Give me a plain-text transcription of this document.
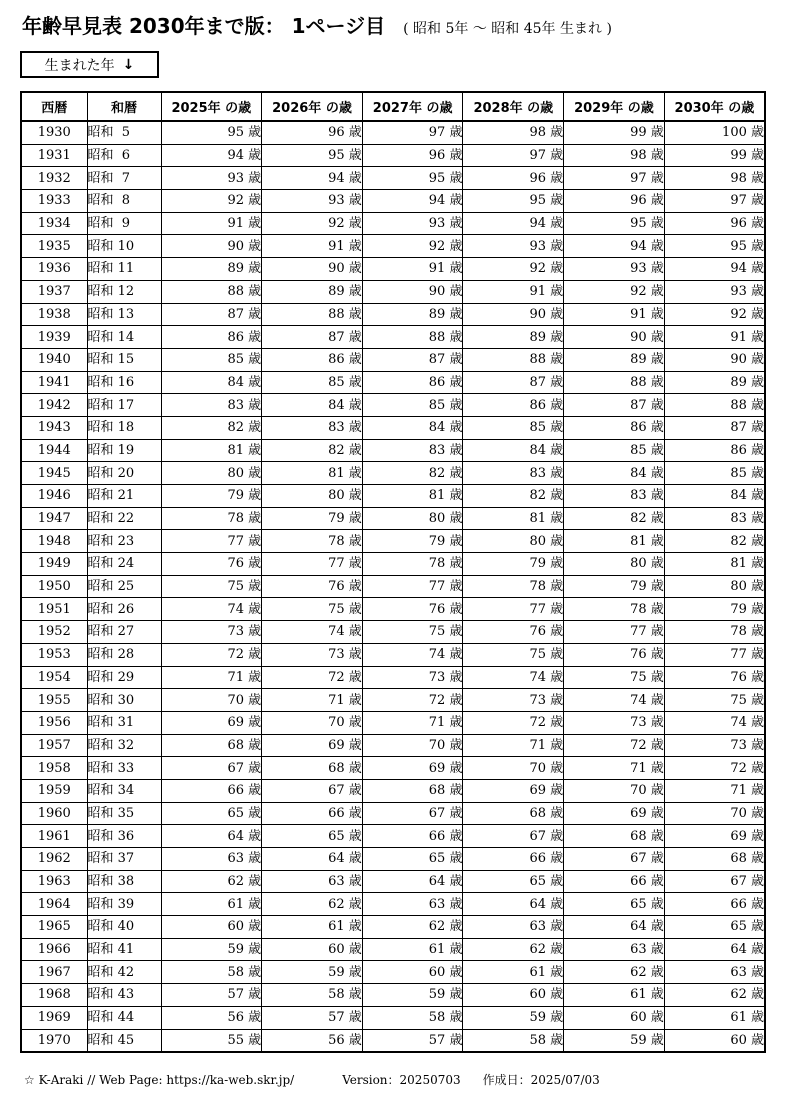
年齢早見表 2030年まで版： 1ページ目 ( 昭和 5年 ～ 昭和 45年 生まれ )
生まれた年 ↓
西暦	和暦	2025年 の歳	2026年 の歳	2027年 の歳	2028年 の歳	2029年 の歳	2030年 の歳
1930	昭和  5	95 歳	96 歳	97 歳	98 歳	99 歳	100 歳
1931	昭和  6	94 歳	95 歳	96 歳	97 歳	98 歳	99 歳
1932	昭和  7	93 歳	94 歳	95 歳	96 歳	97 歳	98 歳
1933	昭和  8	92 歳	93 歳	94 歳	95 歳	96 歳	97 歳
1934	昭和  9	91 歳	92 歳	93 歳	94 歳	95 歳	96 歳
1935	昭和 10	90 歳	91 歳	92 歳	93 歳	94 歳	95 歳
1936	昭和 11	89 歳	90 歳	91 歳	92 歳	93 歳	94 歳
1937	昭和 12	88 歳	89 歳	90 歳	91 歳	92 歳	93 歳
1938	昭和 13	87 歳	88 歳	89 歳	90 歳	91 歳	92 歳
1939	昭和 14	86 歳	87 歳	88 歳	89 歳	90 歳	91 歳
1940	昭和 15	85 歳	86 歳	87 歳	88 歳	89 歳	90 歳
1941	昭和 16	84 歳	85 歳	86 歳	87 歳	88 歳	89 歳
1942	昭和 17	83 歳	84 歳	85 歳	86 歳	87 歳	88 歳
1943	昭和 18	82 歳	83 歳	84 歳	85 歳	86 歳	87 歳
1944	昭和 19	81 歳	82 歳	83 歳	84 歳	85 歳	86 歳
1945	昭和 20	80 歳	81 歳	82 歳	83 歳	84 歳	85 歳
1946	昭和 21	79 歳	80 歳	81 歳	82 歳	83 歳	84 歳
1947	昭和 22	78 歳	79 歳	80 歳	81 歳	82 歳	83 歳
1948	昭和 23	77 歳	78 歳	79 歳	80 歳	81 歳	82 歳
1949	昭和 24	76 歳	77 歳	78 歳	79 歳	80 歳	81 歳
1950	昭和 25	75 歳	76 歳	77 歳	78 歳	79 歳	80 歳
1951	昭和 26	74 歳	75 歳	76 歳	77 歳	78 歳	79 歳
1952	昭和 27	73 歳	74 歳	75 歳	76 歳	77 歳	78 歳
1953	昭和 28	72 歳	73 歳	74 歳	75 歳	76 歳	77 歳
1954	昭和 29	71 歳	72 歳	73 歳	74 歳	75 歳	76 歳
1955	昭和 30	70 歳	71 歳	72 歳	73 歳	74 歳	75 歳
1956	昭和 31	69 歳	70 歳	71 歳	72 歳	73 歳	74 歳
1957	昭和 32	68 歳	69 歳	70 歳	71 歳	72 歳	73 歳
1958	昭和 33	67 歳	68 歳	69 歳	70 歳	71 歳	72 歳
1959	昭和 34	66 歳	67 歳	68 歳	69 歳	70 歳	71 歳
1960	昭和 35	65 歳	66 歳	67 歳	68 歳	69 歳	70 歳
1961	昭和 36	64 歳	65 歳	66 歳	67 歳	68 歳	69 歳
1962	昭和 37	63 歳	64 歳	65 歳	66 歳	67 歳	68 歳
1963	昭和 38	62 歳	63 歳	64 歳	65 歳	66 歳	67 歳
1964	昭和 39	61 歳	62 歳	63 歳	64 歳	65 歳	66 歳
1965	昭和 40	60 歳	61 歳	62 歳	63 歳	64 歳	65 歳
1966	昭和 41	59 歳	60 歳	61 歳	62 歳	63 歳	64 歳
1967	昭和 42	58 歳	59 歳	60 歳	61 歳	62 歳	63 歳
1968	昭和 43	57 歳	58 歳	59 歳	60 歳	61 歳	62 歳
1969	昭和 44	56 歳	57 歳	58 歳	59 歳	60 歳	61 歳
1970	昭和 45	55 歳	56 歳	57 歳	58 歳	59 歳	60 歳
☆ K-Araki // Web Page: https://ka-web.skr.jp/	Version：20250703 作成日：2025/07/03
